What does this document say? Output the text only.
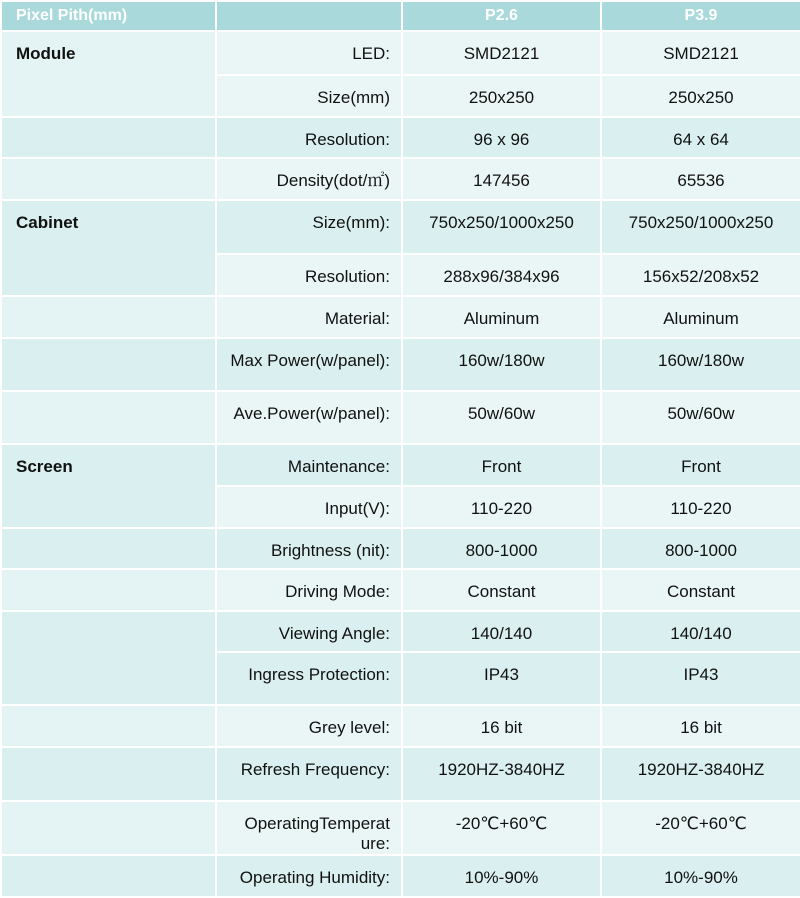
Pixel Pith(mm)		P2.6	P3.9
Module	LED:	SMD2121	SMD2121
	Size(mm)	250x250	250x250
	Resolution:	96 x 96	64 x 64
	Density(dot/㎡)	147456	65536
Cabinet	Size(mm):	750x250/1000x250	750x250/1000x250
	Resolution:	288x96/384x96	156x52/208x52
	Material:	Aluminum	Aluminum
	Max Power(w/panel):	160w/180w	160w/180w
	Ave.Power(w/panel):	50w/60w	50w/60w
Screen	Maintenance:	Front	Front
	Input(V):	110-220	110-220
	Brightness (nit):	800-1000	800-1000
	Driving Mode:	Constant	Constant
	Viewing Angle:	140/140	140/140
	Ingress Protection:	IP43	IP43
	Grey level:	16 bit	16 bit
	Refresh Frequency:	1920HZ-3840HZ	1920HZ-3840HZ
	OperatingTemperat ure:	-20℃+60℃	-20℃+60℃
	Operating Humidity:	10%-90%	10%-90%
